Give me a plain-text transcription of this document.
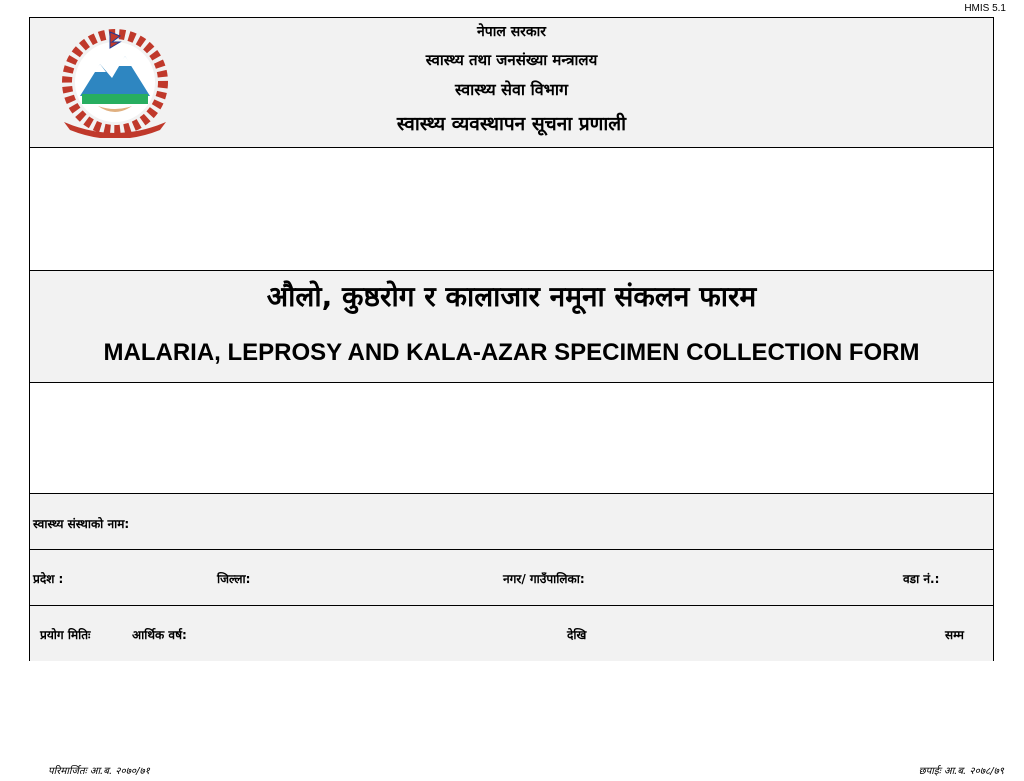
HMIS 5.1
नेपाल सरकार
स्वास्थ्य तथा जनसंख्या मन्त्रालय
स्वास्थ्य सेवा विभाग
स्वास्थ्य व्यवस्थापन सूचना प्रणाली
औलो, कुष्ठरोग र कालाजार नमूना संकलन फारम
MALARIA, LEPROSY AND KALA-AZAR SPECIMEN COLLECTION FORM
स्वास्थ्य संस्थाको नाम:
प्रदेश :	जिल्ला:	नगर/ गाउँपालिका:	वडा नं.:
प्रयोग मितिः	आर्थिक वर्ष:	देखि	सम्म
परिमार्जितः आ.ब. २०७०/७१	छपाईः आ.ब. २०७८/७९
